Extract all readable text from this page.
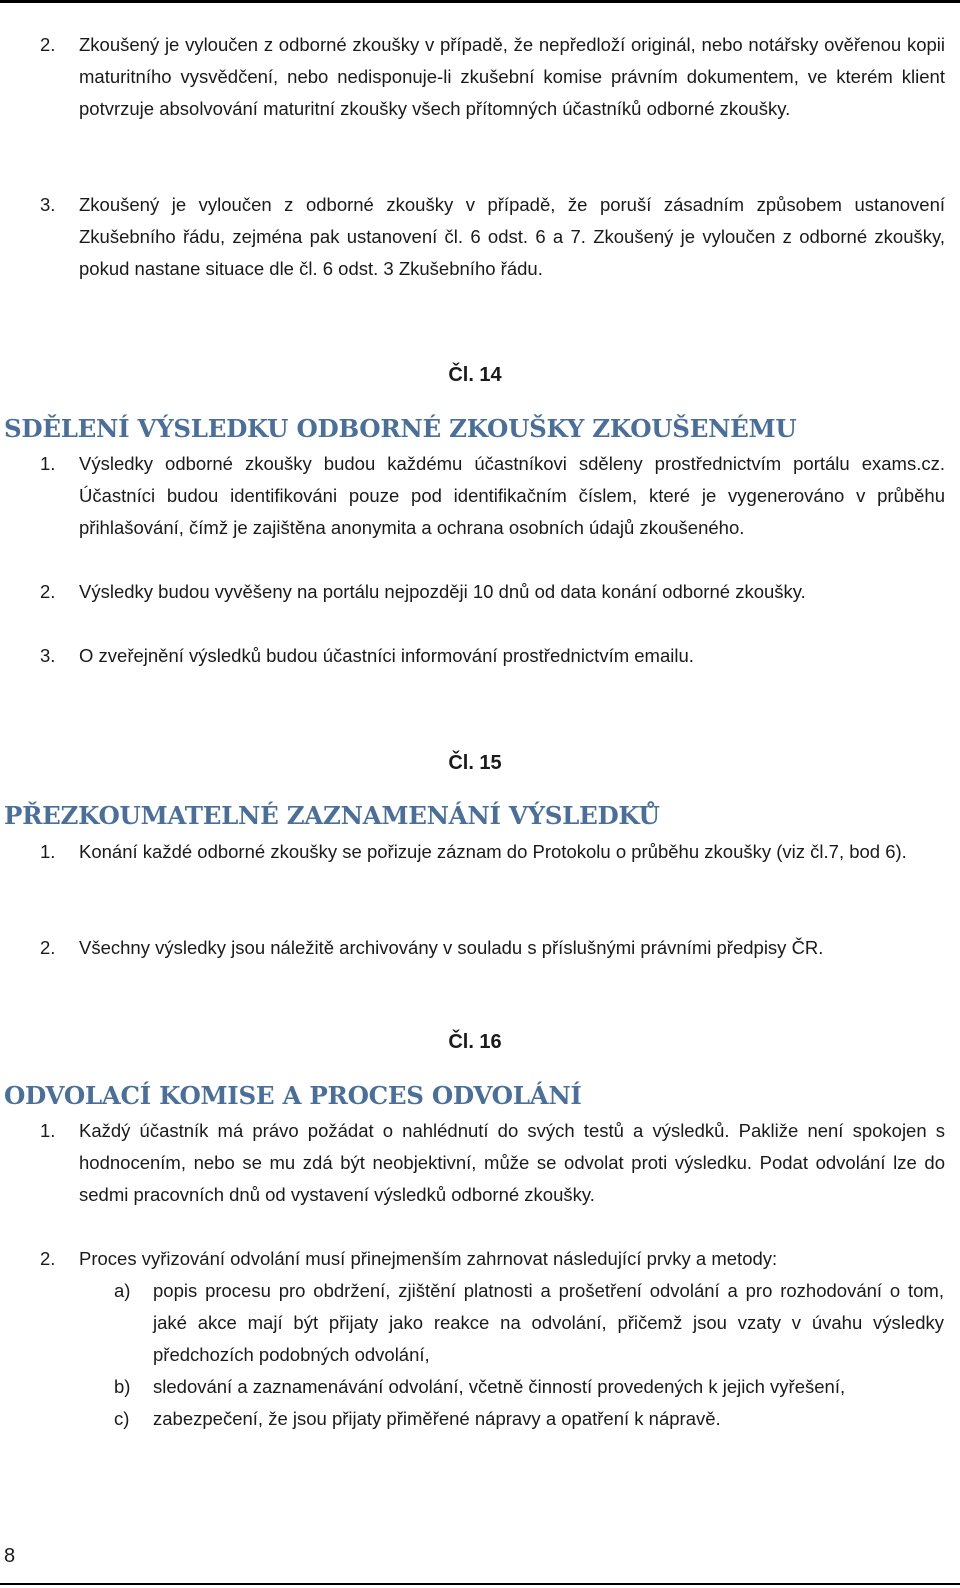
2.	Zkoušený je vyloučen z odborné zkoušky v případě, že nepředloží originál, nebo notářsky ověřenou kopii maturitního vysvědčení, nebo nedisponuje-li zkušební komise právním dokumentem, ve kterém klient potvrzuje absolvování maturitní zkoušky všech přítomných účastníků odborné zkoušky.
3.	Zkoušený je vyloučen z odborné zkoušky v případě, že poruší zásadním způsobem ustanovení Zkušebního řádu, zejména pak ustanovení čl. 6 odst. 6 a 7. Zkoušený je vyloučen z odborné zkoušky, pokud nastane situace dle čl. 6 odst. 3 Zkušebního řádu.
Čl. 14
SDĚLENÍ VÝSLEDKU ODBORNÉ ZKOUŠKY ZKOUŠENÉMU
1.	Výsledky odborné zkoušky budou každému účastníkovi sděleny prostřednictvím portálu exams.cz. Účastníci budou identifikováni pouze pod identifikačním číslem, které je vygenerováno v průběhu přihlašování, čímž je zajištěna anonymita a ochrana osobních údajů zkoušeného.
2.	Výsledky budou vyvěšeny na portálu nejpozději 10 dnů od data konání odborné zkoušky.
3.	O zveřejnění výsledků budou účastníci informování prostřednictvím emailu.
Čl. 15
PŘEZKOUMATELNÉ ZAZNAMENÁNÍ VÝSLEDKŮ
1.	Konání každé odborné zkoušky se pořizuje záznam do Protokolu o průběhu zkoušky (viz čl.7, bod 6).
2.	Všechny výsledky jsou náležitě archivovány v souladu s příslušnými právními předpisy ČR.
Čl. 16
ODVOLACÍ KOMISE A PROCES ODVOLÁNÍ
1.	Každý účastník má právo požádat o nahlédnutí do svých testů a výsledků. Pakliže není spokojen s hodnocením, nebo se mu zdá být neobjektivní, může se odvolat proti výsledku. Podat odvolání lze do sedmi pracovních dnů od vystavení výsledků odborné zkoušky.
2.	Proces vyřizování odvolání musí přinejmenším zahrnovat následující prvky a metody:
a) popis procesu pro obdržení, zjištění platnosti a prošetření odvolání a pro rozhodování o tom, jaké akce mají být přijaty jako reakce na odvolání, přičemž jsou vzaty v úvahu výsledky předchozích podobných odvolání,
b) sledování a zaznamenávání odvolání, včetně činností provedených k jejich vyřešení,
c) zabezpečení, že jsou přijaty přiměřené nápravy a opatření k nápravě.
8
